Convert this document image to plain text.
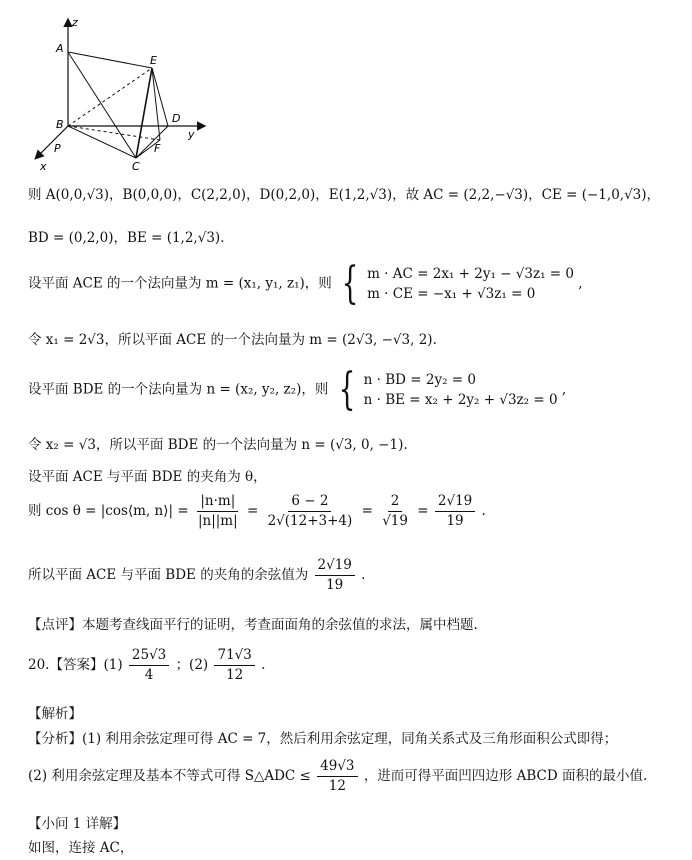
z
A
E
D
y
B
P	F
C
x
则 A(0,0,√3)，B(0,0,0)，C(2,2,0)，D(0,2,0)，E(1,2,√3)，故 AC = (2,2,−√3)，CE = (−1,0,√3)，
BD = (0,2,0)，BE = (1,2,√3).
设平面 ACE 的一个法向量为 m = (x₁, y₁, z₁)，则 { m · AC = 2x₁ + 2y₁ − √3z₁ = 0
m · CE = −x₁ + √3z₁ = 0
,
令 x₁ = 2√3，所以平面 ACE 的一个法向量为 m = (2√3, −√3, 2).
设平面 BDE 的一个法向量为 n = (x₂, y₂, z₂)，则 { n · BD = 2y₂ = 0
n · BE = x₂ + 2y₂ + √3z₂ = 0
,
令 x₂ = √3，所以平面 BDE 的一个法向量为 n = (√3, 0, −1).
设平面 ACE 与平面 BDE 的夹角为 θ，
则 cos θ = |cos⟨m, n⟩| = $\frac{|n\cdot m|}{|n||m|} = \frac{6 - 2}{2√(12+3+4)} = \frac{2}{√19} = \frac{2√19}{19}$ .
所以平面 ACE 与平面 BDE 的夹角的余弦值为 $\frac{2√19}{19}$ .
【点评】本题考查线面平行的证明，考查面面角的余弦值的求法，属中档题.
20.【答案】$(1) \frac{25√3}{4}$ ；$(2) \frac{71√3}{12}$ .
【解析】
【分析】(1) 利用余弦定理可得 AC = 7，然后利用余弦定理，同角关系式及三角形面积公式即得；
(2) 利用余弦定理及基本不等式可得 S△ADC ≤ $\frac{49√3}{12}$ ，进而可得平面凹四边形 ABCD 面积的最小值.
【小问 1 详解】
如图，连接 AC，
